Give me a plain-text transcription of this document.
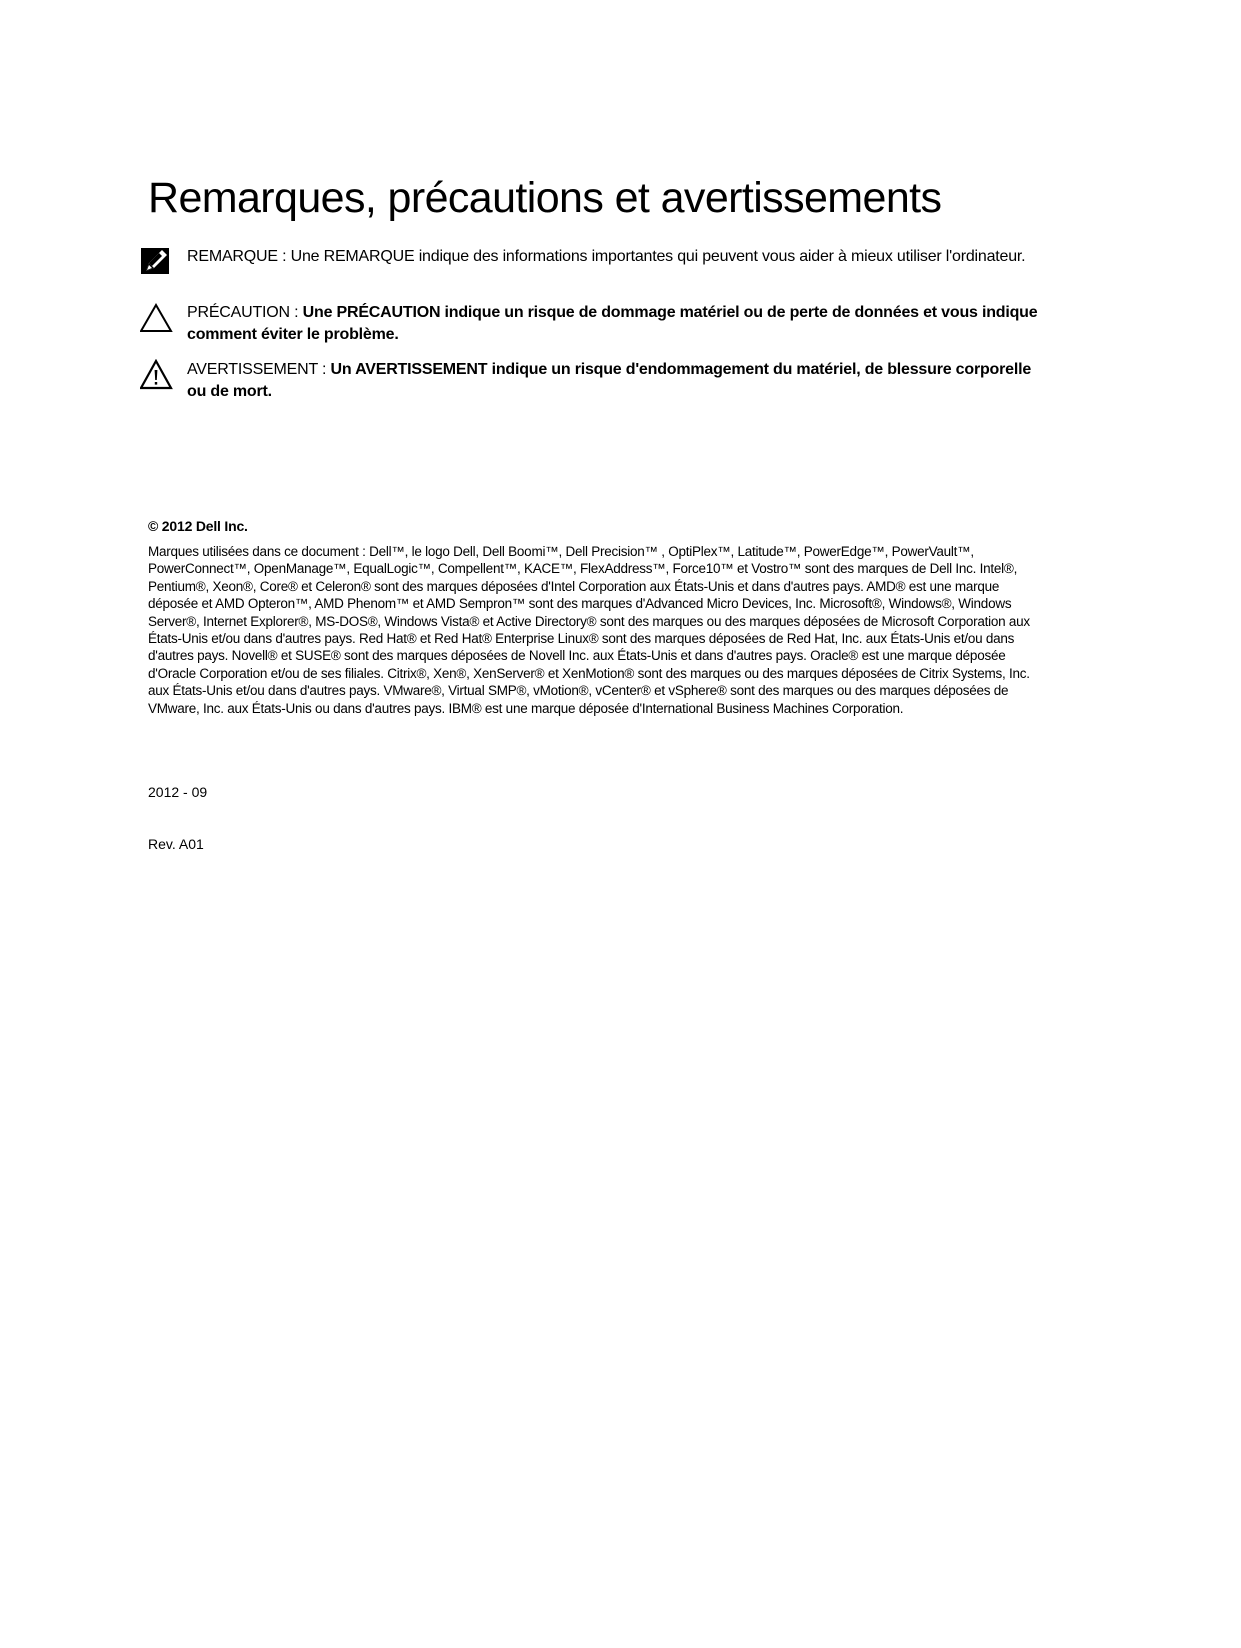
Remarques, précautions et avertissements
REMARQUE : Une REMARQUE indique des informations importantes qui peuvent vous aider à mieux utiliser l'ordinateur.
PRÉCAUTION : Une PRÉCAUTION indique un risque de dommage matériel ou de perte de données et vous indique comment éviter le problème.
AVERTISSEMENT : Un AVERTISSEMENT indique un risque d'endommagement du matériel, de blessure corporelle ou de mort.
© 2012 Dell Inc.

Marques utilisées dans ce document : Dell™, le logo Dell, Dell Boomi™, Dell Precision™ , OptiPlex™, Latitude™, PowerEdge™, PowerVault™, PowerConnect™, OpenManage™, EqualLogic™, Compellent™, KACE™, FlexAddress™, Force10™ et Vostro™ sont des marques de Dell Inc. Intel®, Pentium®, Xeon®, Core® et Celeron® sont des marques déposées d'Intel Corporation aux États-Unis et dans d'autres pays. AMD® est une marque déposée et AMD Opteron™, AMD Phenom™ et AMD Sempron™ sont des marques d'Advanced Micro Devices, Inc. Microsoft®, Windows®, Windows Server®, Internet Explorer®, MS-DOS®, Windows Vista® et Active Directory® sont des marques ou des marques déposées de Microsoft Corporation aux États-Unis et/ou dans d'autres pays. Red Hat® et Red Hat® Enterprise Linux® sont des marques déposées de Red Hat, Inc. aux États-Unis et/ou dans d'autres pays. Novell® et SUSE® sont des marques déposées de Novell Inc. aux États-Unis et dans d'autres pays. Oracle® est une marque déposée d'Oracle Corporation et/ou de ses filiales. Citrix®, Xen®, XenServer® et XenMotion® sont des marques ou des marques déposées de Citrix Systems, Inc. aux États-Unis et/ou dans d'autres pays. VMware®, Virtual SMP®, vMotion®, vCenter® et vSphere® sont des marques ou des marques déposées de VMware, Inc. aux États-Unis ou dans d'autres pays. IBM® est une marque déposée d'International Business Machines Corporation.

2012 - 09
Rev. A01
